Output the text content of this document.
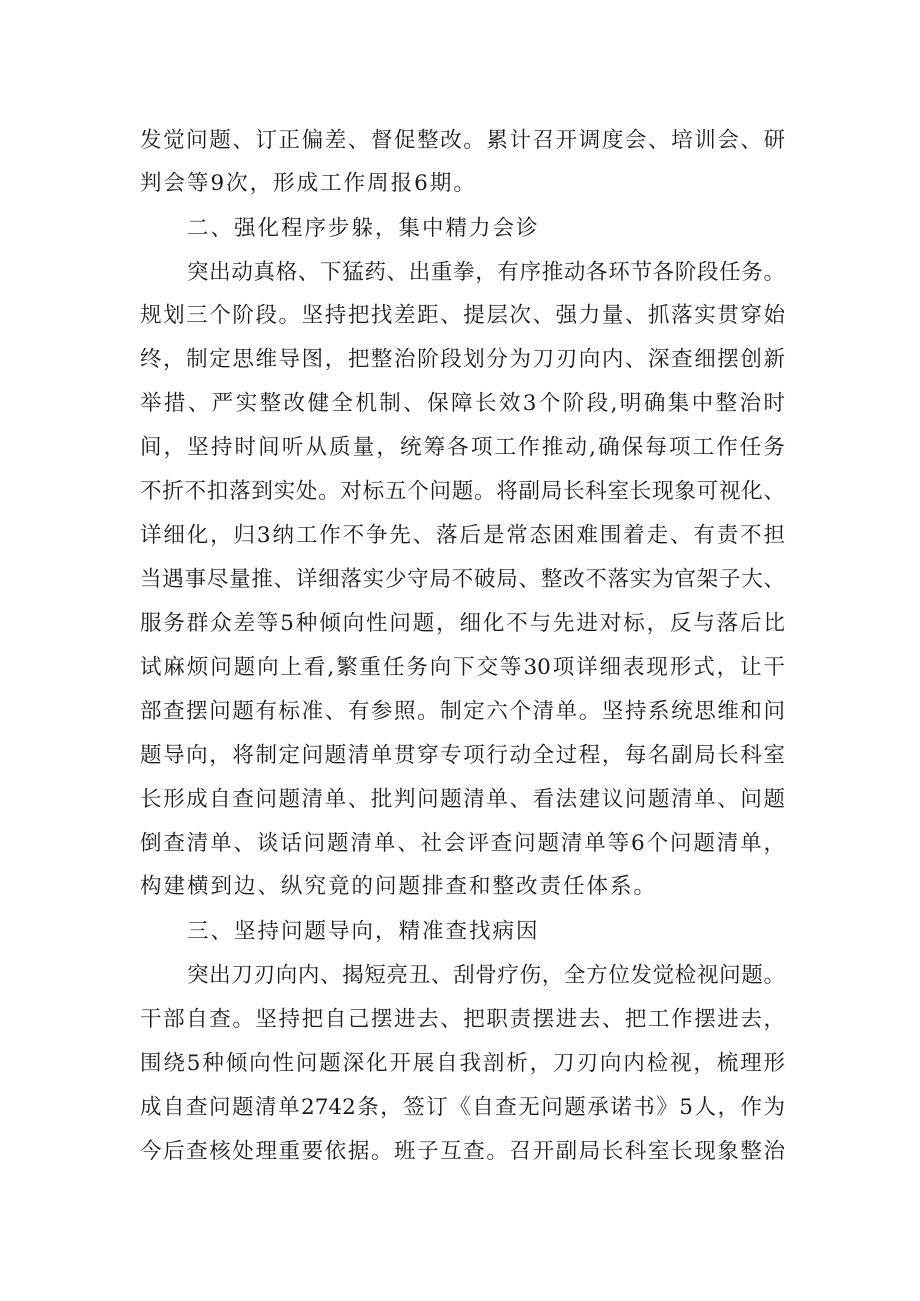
发觉问题、订正偏差、督促整改。累计召开调度会、培训会、研
判会等9次，形成工作周报6期。
二、强化程序步躲，集中精力会诊
突出动真格、下猛药、出重拳，有序推动各环节各阶段任务。
规划三个阶段。坚持把找差距、提层次、强力量、抓落实贯穿始
终，制定思维导图，把整治阶段划分为刀刃向内、深查细摆创新
举措、严实整改健全机制、保障长效3个阶段,明确集中整治时
间，坚持时间听从质量，统筹各项工作推动,确保每项工作任务
不折不扣落到实处。对标五个问题。将副局长科室长现象可视化、
详细化，归3纳工作不争先、落后是常态困难围着走、有责不担
当遇事尽量推、详细落实少守局不破局、整改不落实为官架子大、
服务群众差等5种倾向性问题，细化不与先进对标，反与落后比
试麻烦问题向上看,繁重任务向下交等30项详细表现形式，让干
部查摆问题有标准、有参照。制定六个清单。坚持系统思维和问
题导向，将制定问题清单贯穿专项行动全过程，每名副局长科室
长形成自查问题清单、批判问题清单、看法建议问题清单、问题
倒查清单、谈话问题清单、社会评查问题清单等6个问题清单，
构建横到边、纵究竟的问题排查和整改责任体系。
三、坚持问题导向，精准查找病因
突出刀刃向内、揭短亮丑、刮骨疗伤，全方位发觉检视问题。
干部自查。坚持把自己摆进去、把职责摆进去、把工作摆进去，
围绕5种倾向性问题深化开展自我剖析，刀刃向内检视，梳理形
成自查问题清单2742条，签订《自查无问题承诺书》5人，作为
今后查核处理重要依据。班子互查。召开副局长科室长现象整治
